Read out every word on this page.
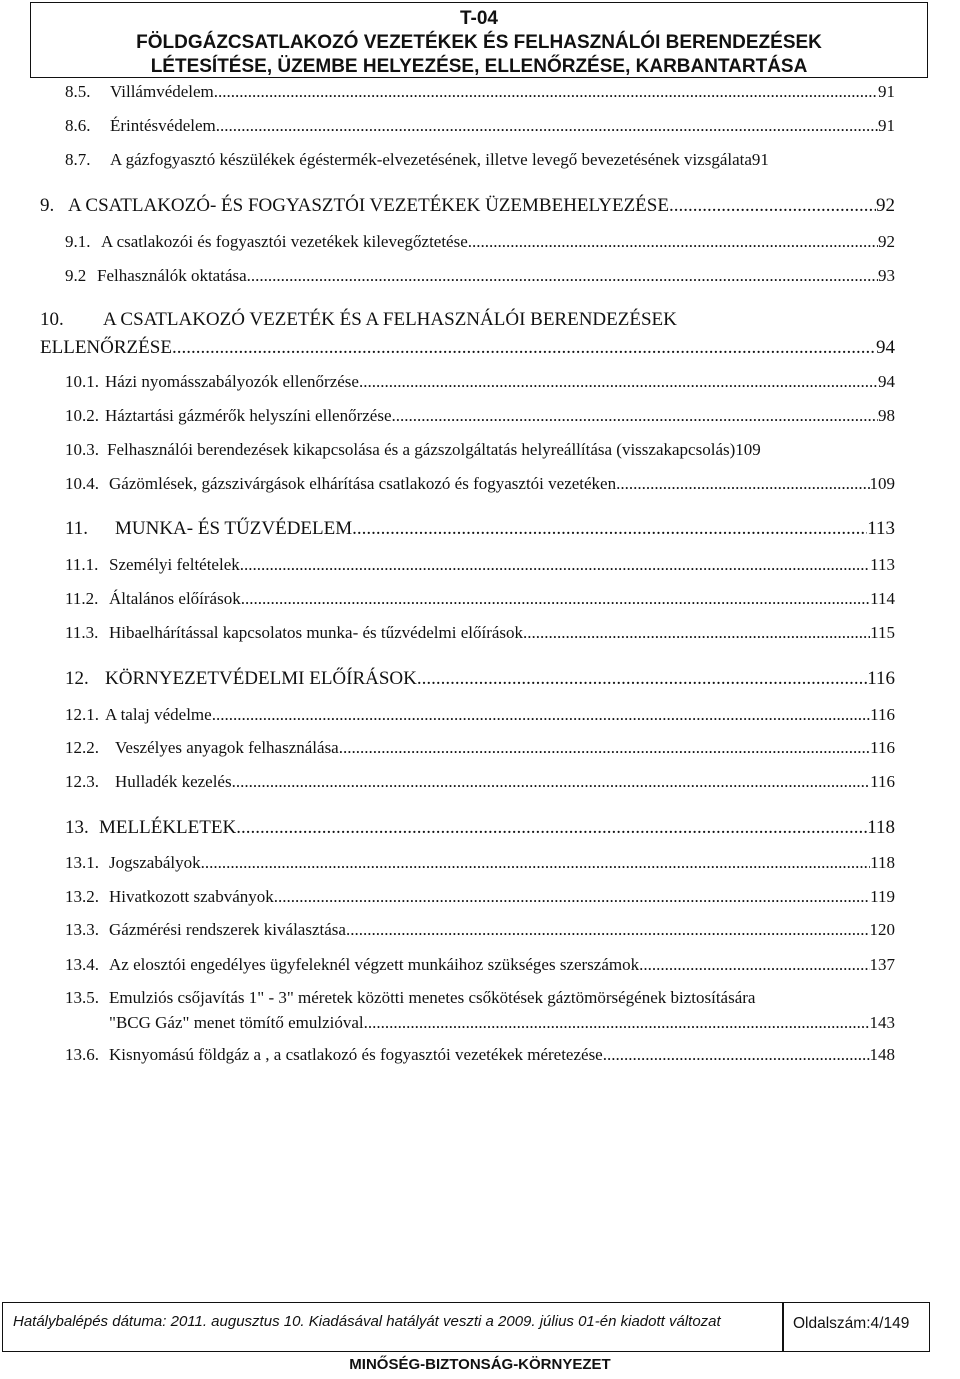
T-04
FÖLDGÁZCSATLAKOZÓ VEZETÉKEK ÉS FELHASZNÁLÓI BERENDEZÉSEK
LÉTESÍTÉSE, ÜZEMBE HELYEZÉSE, ELLENŐRZÉSE, KARBANTARTÁSA
8.5.	Villámvédelem .....	91
8.6.	Érintésvédelem .....	91
8.7. A gázfogyasztó készülékek égéstermék-elvezetésének, illetve levegő bevezetésének vizsgálata91
9. A CSATLAKOZÓ- ÉS FOGYASZTÓI VEZETÉKEK ÜZEMBEHELYEZÉSE .....	92
9.1. A csatlakozói és fogyasztói vezetékek kilevegőztetése .....	92
9.2 Felhasználók oktatása .....	93
10. A CSATLAKOZÓ VEZETÉK ÉS A FELHASZNÁLÓI BERENDEZÉSEK
ELLENŐRZÉSE .....	94
10.1. Házi nyomásszabályozók ellenőrzése .....	94
10.2. Háztartási gázmérők helyszíni ellenőrzése .....	98
10.3. Felhasználói berendezések kikapcsolása és a gázszolgáltatás helyreállítása (visszakapcsolás)109
10.4. Gázömlések, gázszivárgások elhárítása csatlakozó és fogyasztói vezetéken .....	109
11.	MUNKA- ÉS TŰZVÉDELEM .....	113
11.1. Személyi feltételek .....	113
11.2. Általános előírások .....	114
11.3. Hibaelhárítással kapcsolatos munka- és tűzvédelmi előírások .....	115
12. KÖRNYEZETVÉDELMI ELŐÍRÁSOK .....	116
12.1. A talaj védelme .....	116
12.2. Veszélyes anyagok felhasználása .....	116
12.3. Hulladék kezelés .....	116
13. MELLÉKLETEK .....	118
13.1. Jogszabályok .....	118
13.2. Hivatkozott szabványok .....	119
13.3. Gázmérési rendszerek kiválasztása .....	120
13.4. Az elosztói engedélyes ügyfeleknél végzett munkáihoz szükséges szerszámok .....	137
13.5. Emulziós csőjavítás 1" - 3" méretek közötti menetes csőkötések gáztömörségének biztosítására
"BCG Gáz" menet tömítő emulzióval .....	143
13.6. Kisnyomású földgáz a , a csatlakozó és fogyasztói vezetékek méretezése .....	148
Hatálybalépés dátuma: 2011. augusztus 10. Kiadásával hatályát veszti a 2009. július 01-én kiadott változat	Oldalszám:4/149
MINŐSÉG-BIZTONSÁG-KÖRNYEZET
